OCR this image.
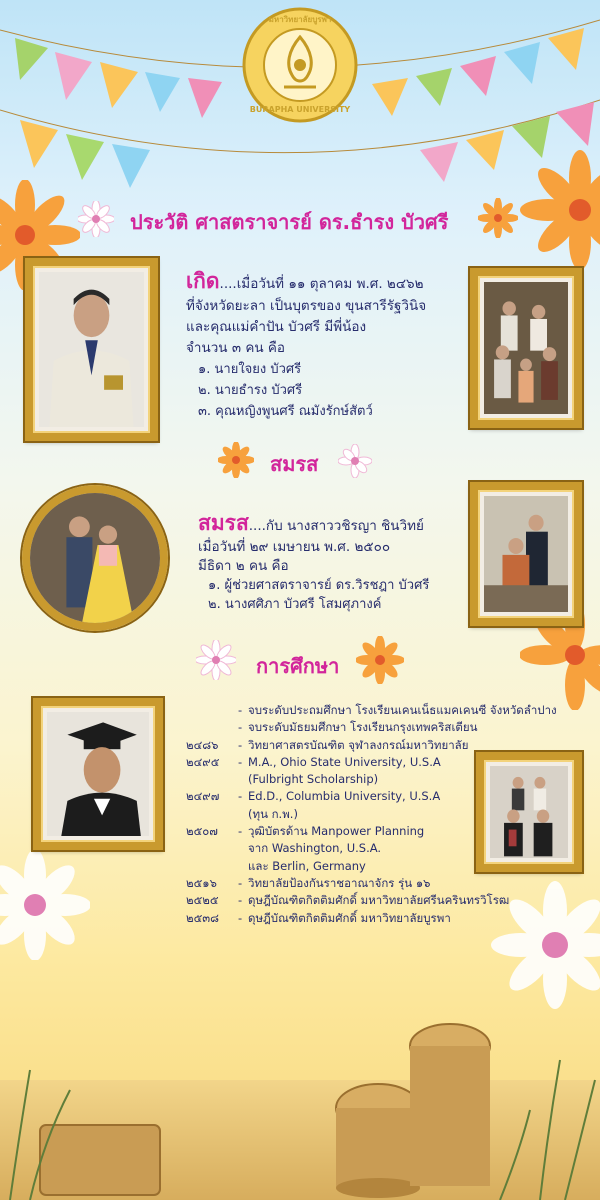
มหาวิทยาลัยบูรพา
BURAPHA UNIVERSITY
ประวัติ ศาสตราจารย์ ดร.ธำรง บัวศรี
เกิด....เมื่อวันที่ ๑๑ ตุลาคม พ.ศ. ๒๔๖๒
ที่จังหวัดยะลา เป็นบุตรของ ขุนสารีรัฐวินิจ
และคุณแม่คำปัน บัวศรี มีพี่น้อง
จำนวน ๓ คน คือ
๑. นายใจยง บัวศรี
๒. นายธำรง บัวศรี
๓. คุณหญิงพูนศรี ณมังรักษ์สัตว์
สมรส
สมรส....กับ นางสาววชิรญา ชินวิทย์
เมื่อวันที่ ๒๙ เมษายน พ.ศ. ๒๕๐๐
มีธิดา ๒ คน คือ
๑. ผู้ช่วยศาสตราจารย์ ดร.วิรชฎา บัวศรี
๒. นางศศิภา บัวศรี โสมศุภางค์
การศึกษา
- จบระดับประถมศึกษา โรงเรียนเคนเน็ธแมคเคนซี จังหวัดลำปาง
- จบระดับมัธยมศึกษา โรงเรียนกรุงเทพคริสเตียน
๒๔๘๖	- วิทยาศาสตรบัณฑิต จุฬาลงกรณ์มหาวิทยาลัย
๒๔๙๕	- M.A., Ohio State University, U.S.A
(Fulbright Scholarship)
๒๔๙๗	- Ed.D., Columbia University, U.S.A
(ทุน ก.พ.)
๒๕๐๗	- วุฒิบัตรด้าน Manpower Planning
จาก Washington, U.S.A.
และ Berlin, Germany
๒๕๑๖	- วิทยาลัยป้องกันราชอาณาจักร รุ่น ๑๖
๒๕๒๕	- ดุษฎีบัณฑิตกิตติมศักดิ์ มหาวิทยาลัยศรีนครินทรวิโรฒ
๒๕๓๘	- ดุษฎีบัณฑิตกิตติมศักดิ์ มหาวิทยาลัยบูรพา
